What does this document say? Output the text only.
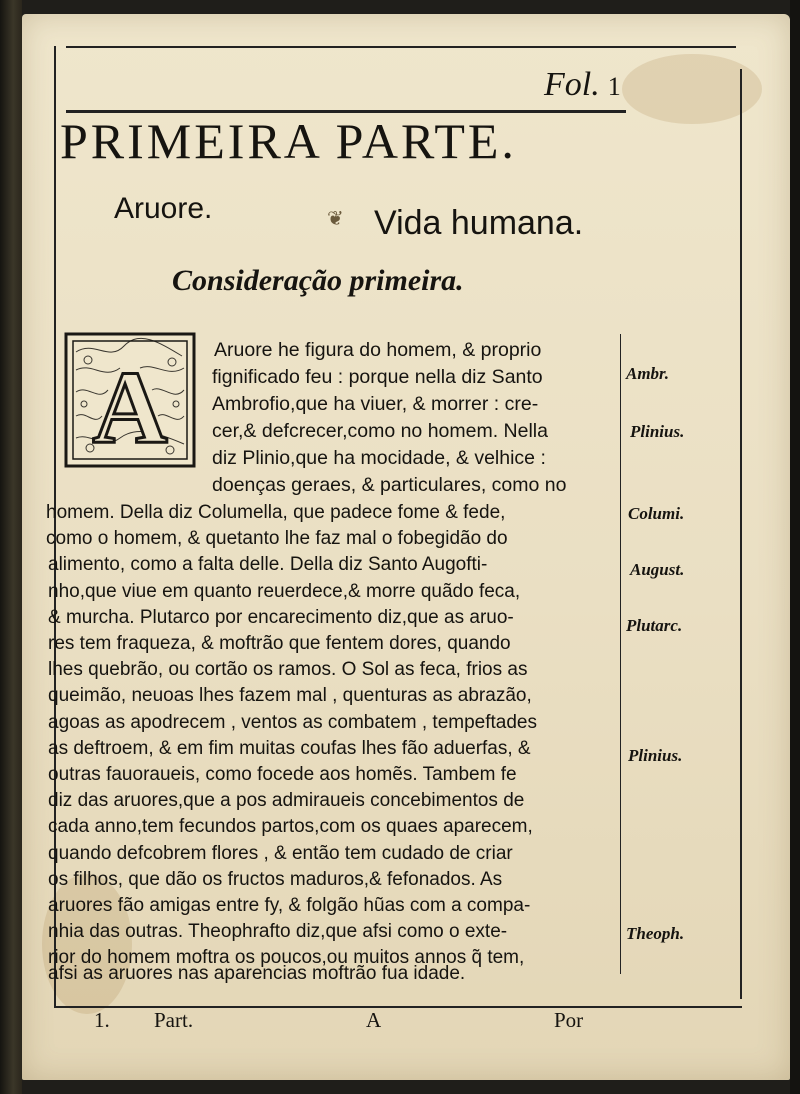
Fol. 1
PRIMEIRA PARTE.
Aruore.	❦ Vida humana.
Consideração primeira.
A Aruore he figura do homem, & proprio
fignificado feu : porque nella diz Santo
Ambrofio,que ha viuer, & morrer : cre-
cer,& defcrecer,como no homem. Nella
diz Plinio,que ha mocidade, & velhice :
doenças geraes, & particulares, como no
homem. Della diz Columella, que padece fome & fede,
como o homem, & quetanto lhe faz mal o fobegidão do
alimento, como a falta delle. Della diz Santo Augofti-
nho,que viue em quanto reuerdece,& morre quãdo feca,
& murcha. Plutarco por encarecimento diz,que as aruo-
res tem fraqueza, & moftrão que fentem dores, quando
lhes quebrão, ou cortão os ramos. O Sol as feca, frios as
queimão, neuoas lhes fazem mal , quenturas as abrazão,
agoas as apodrecem , ventos as combatem , tempeftades
as deftroem, & em fim muitas coufas lhes fão aduerfas, &
outras fauoraueis, como focede aos homẽs. Tambem fe
diz das aruores,que a pos admiraueis concebimentos de
cada anno,tem fecundos partos,com os quaes aparecem,
quando defcobrem flores , & então tem cudado de criar
os filhos, que dão os fructos maduros,& fefonados. As
aruores fão amigas entre fy, & folgão hũas com a compa-
nhia das outras. Theophrafto diz,que afsi como o exte-
rior do homem moftra os poucos,ou muitos annos q̃ tem,
afsi as aruores nas aparencias moftrão fua idade.
Ambr.
Plinius.
Columi.
August.
Plutarc.
Plinius.
Theoph.
1. Part.	A	Por
